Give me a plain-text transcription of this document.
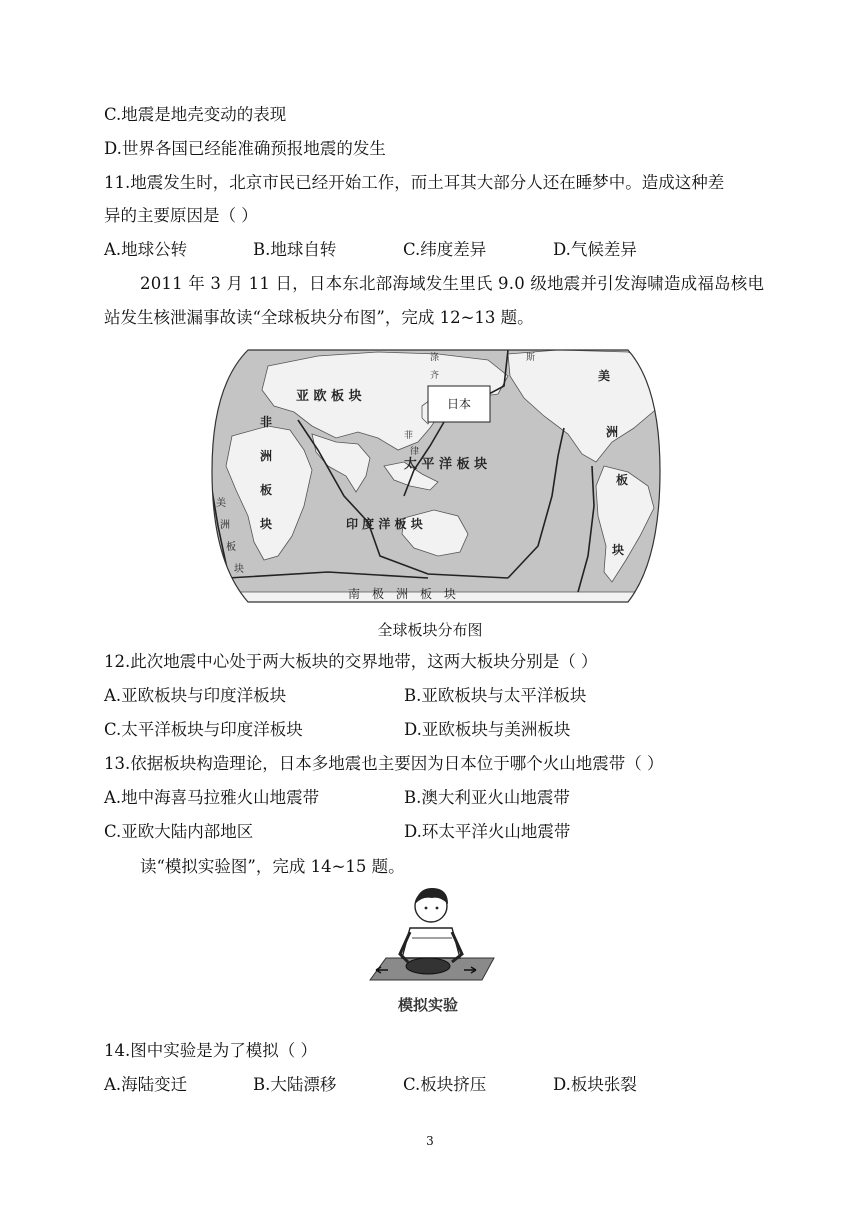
C.地震是地壳变动的表现
D.世界各国已经能准确预报地震的发生
11.地震发生时，北京市民已经开始工作，而土耳其大部分人还在睡梦中。造成这种差
异的主要原因是（ ）
A.地球公转	B.地球自转	C.纬度差异	D.气候差异
2011 年 3 月 11 日，日本东北部海域发生里氏 9.0 级地震并引发海啸造成福岛核电
站发生核泄漏事故读“全球板块分布图”，完成 12~13 题。
亚 欧 板 块	日本
太 平 洋 板 块
印 度 洋 板 块
南　极　洲　板　块
非
洲
板
块
美
洲
板
块
美
洲
板
块
涤
齐
斯
菲
律
全球板块分布图
12.此次地震中心处于两大板块的交界地带，这两大板块分别是（ ）
A.亚欧板块与印度洋板块	B.亚欧板块与太平洋板块
C.太平洋板块与印度洋板块	D.亚欧板块与美洲板块
13.依据板块构造理论，日本多地震也主要因为日本位于哪个火山地震带（ ）
A.地中海喜马拉雅火山地震带	B.澳大利亚火山地震带
C.亚欧大陆内部地区	D.环太平洋火山地震带
读“模拟实验图”，完成 14~15 题。
模拟实验
14.图中实验是为了模拟（ ）
A.海陆变迁	B.大陆漂移	C.板块挤压	D.板块张裂
3
